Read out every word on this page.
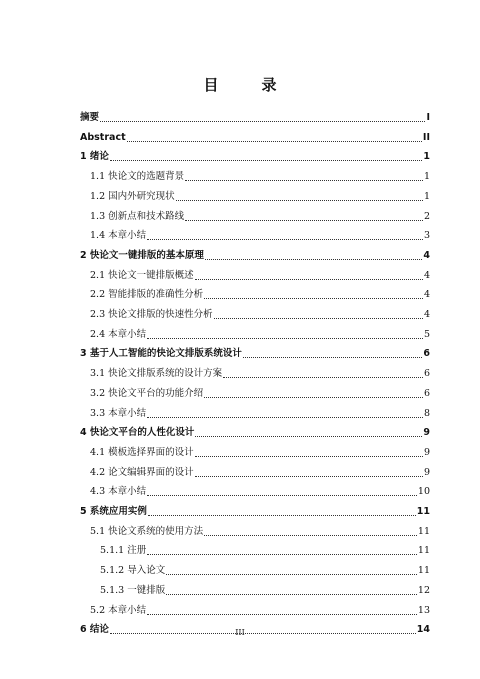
目　录
摘要	I
Abstract	II
1 绪论	1
1.1 快论文的选题背景	1
1.2 国内外研究现状	1
1.3 创新点和技术路线	2
1.4 本章小结	3
2 快论文一键排版的基本原理	4
2.1 快论文一键排版概述	4
2.2 智能排版的准确性分析	4
2.3 快论文排版的快速性分析	4
2.4 本章小结	5
3 基于人工智能的快论文排版系统设计	6
3.1 快论文排版系统的设计方案	6
3.2 快论文平台的功能介绍	6
3.3 本章小结	8
4 快论文平台的人性化设计	9
4.1 模板选择界面的设计	9
4.2 论文编辑界面的设计	9
4.3 本章小结	10
5 系统应用实例	11
5.1 快论文系统的使用方法	11
5.1.1 注册	11
5.1.2 导入论文	11
5.1.3 一键排版	12
5.2 本章小结	13
6 结论	14
III
